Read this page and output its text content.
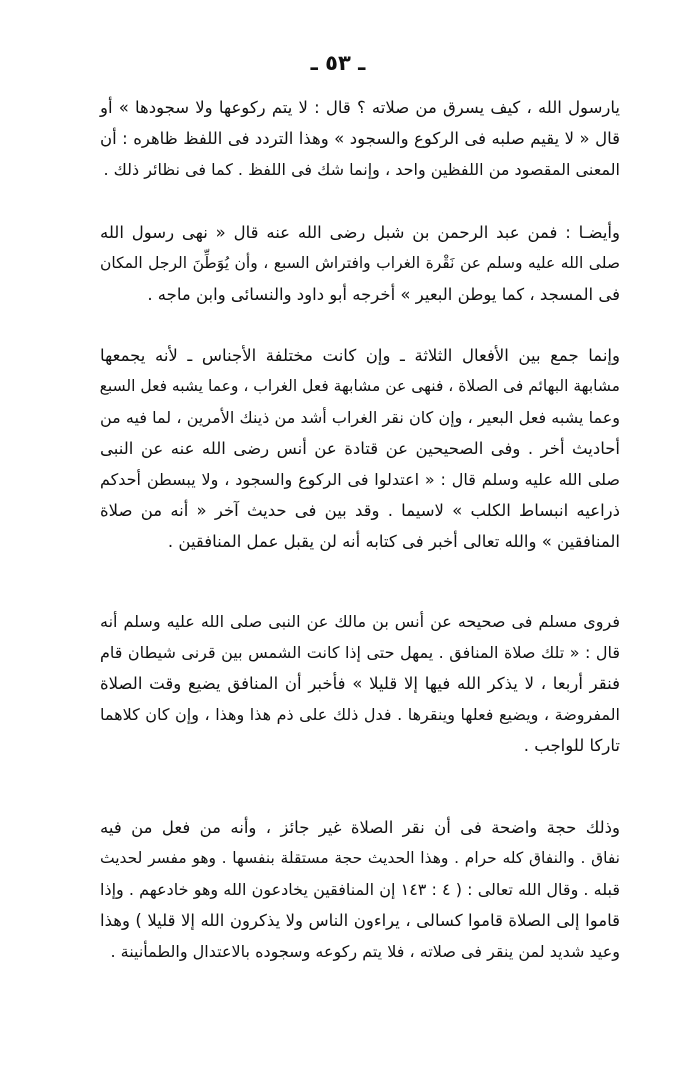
ـ ٥٣ ـ
يارسول الله ، كيف يسرق من صلاته ؟ قال : لا يتم ركوعها ولا سجودها » أو
قال « لا يقيم صلبه فى الركوع والسجود » وهذا التردد فى اللفظ ظاهره : أن
المعنى المقصود من اللفظين واحد ، وإنما شك فى اللفظ . كما فى نظائر ذلك .
وأيضـا : فمن عبد الرحمن بن شبل رضى الله عنه قال « نهى رسول الله
صلى الله عليه وسلم عن نَقْرة الغراب وافتراش السبع ، وأن يُوَطِّنَ الرجل المكان
فى المسجد ، كما يوطن البعير » أخرجه أبو داود والنسائى وابن ماجه .
وإنما جمع بين الأفعال الثلاثة ـ وإن كانت مختلفة الأجناس ـ لأنه يجمعها
مشابهة البهائم فى الصلاة ، فنهى عن مشابهة فعل الغراب ، وعما يشبه فعل السبع
وعما يشبه فعل البعير ، وإن كان نقر الغراب أشد من ذينك الأمرين ، لما فيه من
أحاديث أخر . وفى الصحيحين عن قتادة عن أنس رضى الله عنه عن النبى
صلى الله عليه وسلم قال : « اعتدلوا فى الركوع والسجود ، ولا يبسطن أحدكم
ذراعيه انبساط الكلب » لاسيما . وقد بين فى حديث آخر « أنه من صلاة
المنافقين » والله تعالى أخبر فى كتابه أنه لن يقبل عمل المنافقين .
فروى مسلم فى صحيحه عن أنس بن مالك عن النبى صلى الله عليه وسلم أنه
قال : « تلك صلاة المنافق . يمهل حتى إذا كانت الشمس بين قرنى شيطان قام
فنقر أربعا ، لا يذكر الله فيها إلا قليلا » فأخبر أن المنافق يضيع وقت الصلاة
المفروضة ، ويضيع فعلها وينقرها . فدل ذلك على ذم هذا وهذا ، وإن كان كلاهما
تاركا للواجب .
وذلك حجة واضحة فى أن نقر الصلاة غير جائز ، وأنه من فعل من فيه
نفاق . والنفاق كله حرام . وهذا الحديث حجة مستقلة بنفسها . وهو مفسر لحديث
قبله . وقال الله تعالى : ( ٤ : ١٤٣ إن المنافقين يخادعون الله وهو خادعهم . وإذا
قاموا إلى الصلاة قاموا كسالى ، يراءون الناس ولا يذكرون الله إلا قليلا ) وهذا
وعيد شديد لمن ينقر فى صلاته ، فلا يتم ركوعه وسجوده بالاعتدال والطمأنينة .
